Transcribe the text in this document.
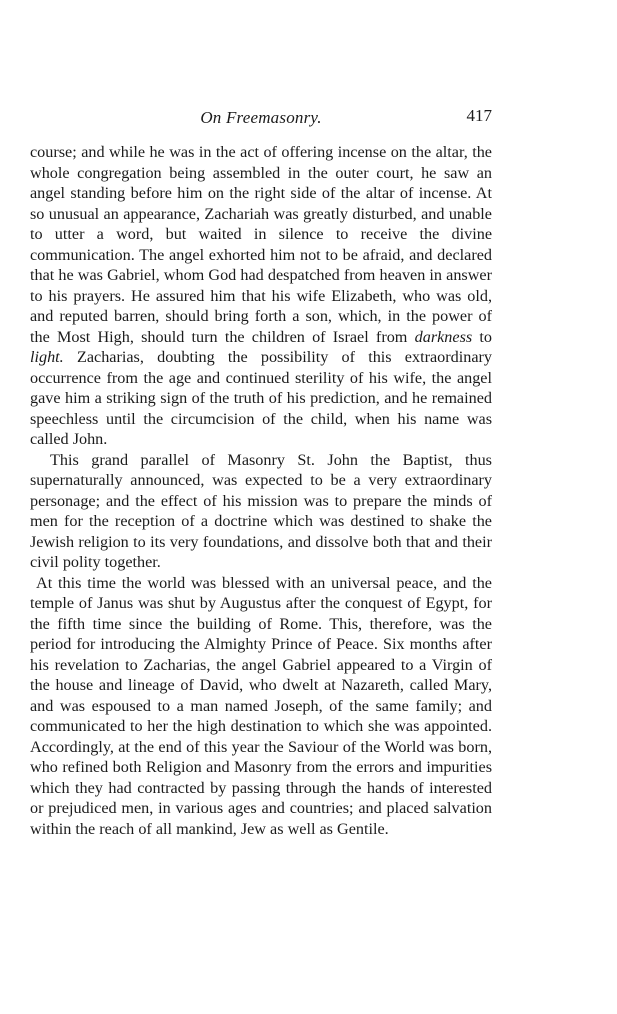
On Freemasonry.	417

course; and while he was in the act of offering incense on the altar, the whole congregation being assembled in the outer court, he saw an angel standing before him on the right side of the altar of incense. At so unusual an appearance, Zachariah was greatly disturbed, and unable to utter a word, but waited in silence to receive the divine communication. The angel exhorted him not to be afraid, and declared that he was Gabriel, whom God had despatched from heaven in answer to his prayers. He assured him that his wife Elizabeth, who was old, and reputed barren, should bring forth a son, which, in the power of the Most High, should turn the children of Israel from darkness to light. Zacharias, doubting the possibility of this extraordinary occurrence from the age and continued sterility of his wife, the angel gave him a striking sign of the truth of his prediction, and he remained speechless until the circumcision of the child, when his name was called John.

This grand parallel of Masonry St. John the Baptist, thus supernaturally announced, was expected to be a very extraordinary personage; and the effect of his mission was to prepare the minds of men for the reception of a doctrine which was destined to shake the Jewish religion to its very foundations, and dissolve both that and their civil polity together.

At this time the world was blessed with an universal peace, and the temple of Janus was shut by Augustus after the conquest of Egypt, for the fifth time since the building of Rome. This, therefore, was the period for introducing the Almighty Prince of Peace. Six months after his revelation to Zacharias, the angel Gabriel appeared to a Virgin of the house and lineage of David, who dwelt at Nazareth, called Mary, and was espoused to a man named Joseph, of the same family; and communicated to her the high destination to which she was appointed. Accordingly, at the end of this year the Saviour of the World was born, who refined both Religion and Masonry from the errors and impurities which they had contracted by passing through the hands of interested or prejudiced men, in various ages and countries; and placed salvation within the reach of all mankind, Jew as well as Gentile.
